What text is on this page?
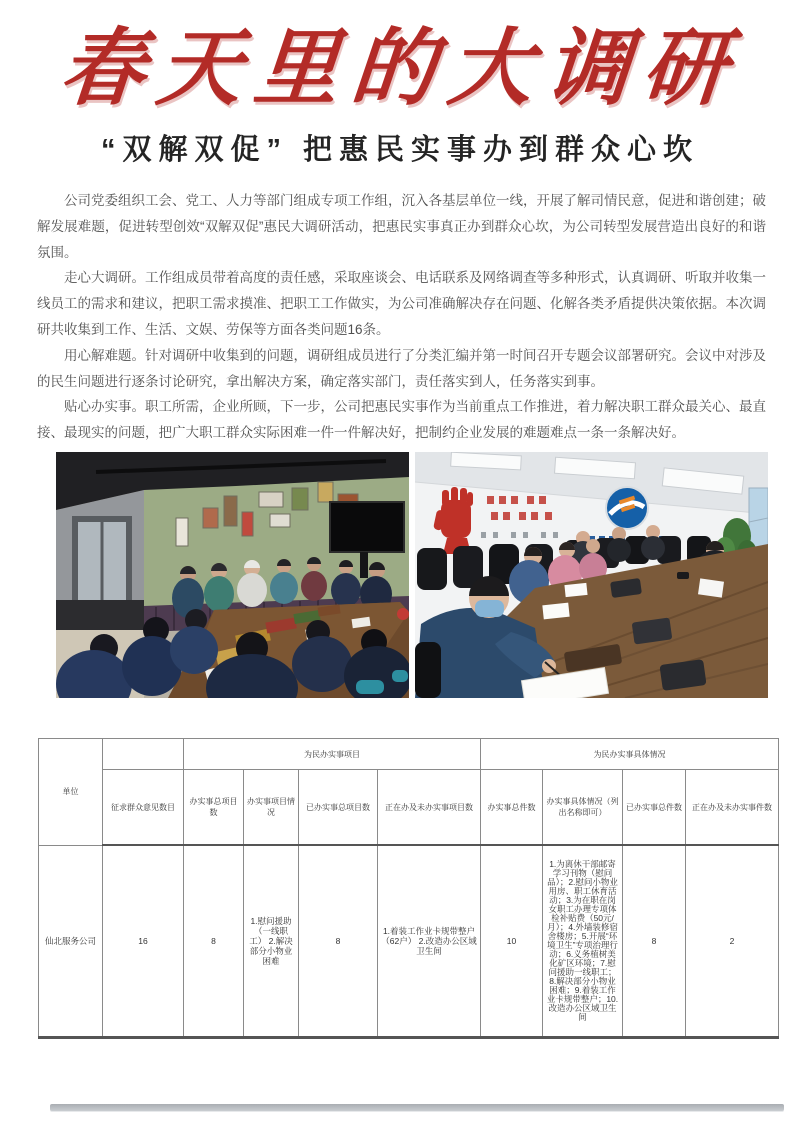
春天里的大调研
“双解双促” 把惠民实事办到群众心坎

公司党委组织工会、党工、人力等部门组成专项工作组，沉入各基层单位一线，开展了解司情民意，促进和谐创建；破解发展难题，促进转型创效“双解双促”惠民大调研活动，把惠民实事真正办到群众心坎，为公司转型发展营造出良好的和谐氛围。

走心大调研。工作组成员带着高度的责任感，采取座谈会、电话联系及网络调查等多种形式，认真调研、听取并收集一线员工的需求和建议，把职工需求摸准、把职工工作做实，为公司准确解决存在问题、化解各类矛盾提供决策依据。本次调研共收集到工作、生活、文娱、劳保等方面各类问题16条。

用心解难题。针对调研中收集到的问题，调研组成员进行了分类汇编并第一时间召开专题会议部署研究。会议中对涉及的民生问题进行逐条讨论研究，拿出解决方案，确定落实部门，责任落实到人，任务落实到事。

贴心办实事。职工所需，企业所顾，下一步，公司把惠民实事作为当前重点工作推进，着力解决职工群众最关心、最直接、最现实的问题，把广大职工群众实际困难一件一件解决好，把制约企业发展的难题难点一条一条解决好。

单位		为民办实事项目				为民办实事具体情况			
	征求群众意见数目	办实事总项目数	办实事项目情况	已办实事总项目数	正在办及未办实事项目数	办实事总件数	办实事具体情况（列出名称即可）	已办实事总件数	正在办及未办实事件数
仙北服务公司	16	8	1.慰问援助（一线职工） 2.解决部分小物业困难	8	1.着装工作业卡规带整户（62户） 2.改造办公区域卫生间	10	1.为离休干部邮寄学习刊物（慰问品）；2.慰问小物业用房、职工休育活动；3.为在职在岗女职工办理专项体检补贴费（50元/月）；4.外墙装修宿舍楼房；5.开展“环境卫生”专项治理行动；6.义务植树美化矿区环境；7.慰问援助一线职工；8.解决部分小物业困难；9.着装工作业卡规带整户；10.改造办公区域卫生间	8	2
